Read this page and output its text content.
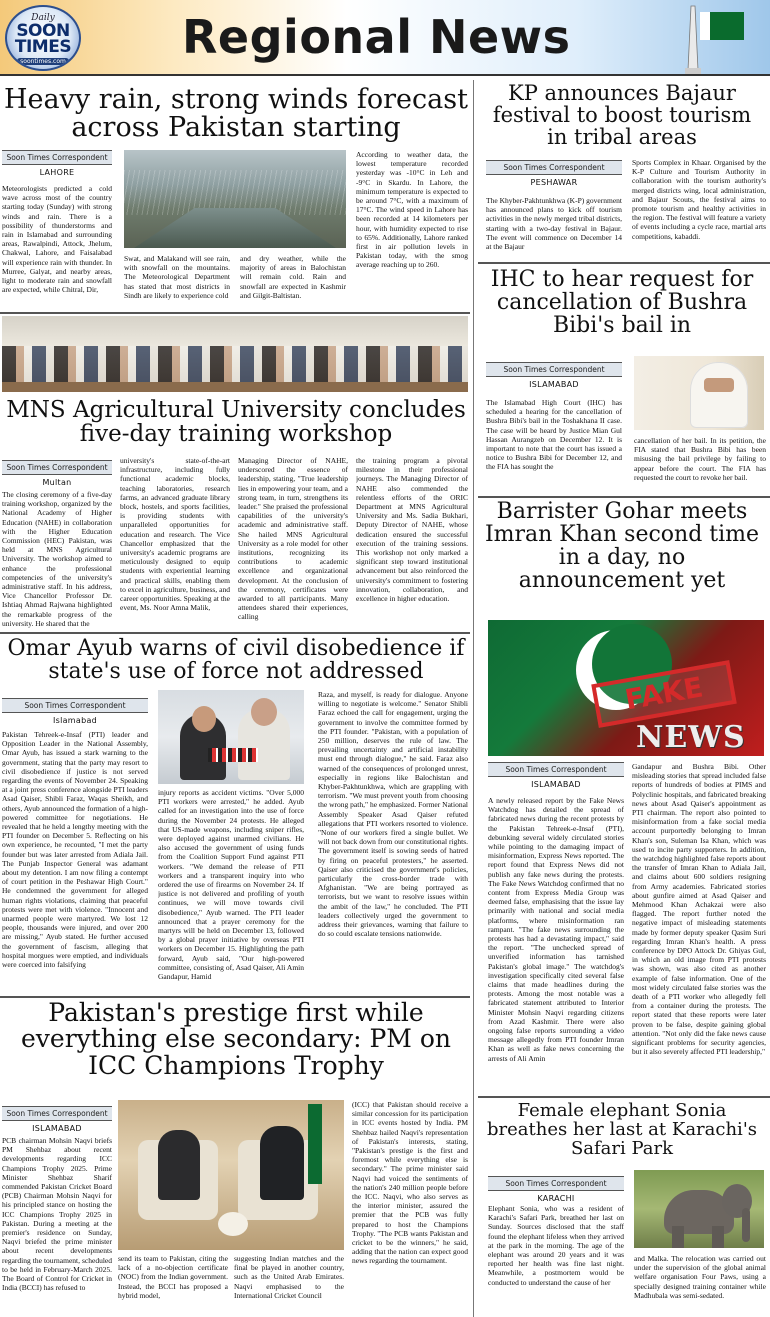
Daily
SOON
TIMES
soontimes.com	Regional News
Heavy rain, strong winds forecast across Pakistan starting
Soon Times Correspondent
LAHORE
Meteorologists predicted a cold wave across most of the country starting today (Sunday) with strong winds and rain. There is a possibility of thunderstorms and rain in Islamabad and surrounding areas, Rawalpindi, Attock, Jhelum, Chakwal, Lahore, and Faisalabad will experience rain with thunder. In Murree, Galyat, and nearby areas, light to moderate rain and snowfall are expected, while Chitral, Dir,
Swat, and Malakand will see rain, with snowfall on the mountains. The Meteorological Department has stated that most districts in Sindh are likely to experience cold
and dry weather, while the majority of areas in Balochistan will remain cold. Rain and snowfall are expected in Kashmir and Gilgit-Baltistan.
According to weather data, the lowest temperature recorded yesterday was -10°C in Leh and -9°C in Skardu. In Lahore, the minimum temperature is expected to be around 7°C, with a maximum of 17°C. The wind speed in Lahore has been recorded at 14 kilometers per hour, with humidity expected to rise to 65%. Additionally, Lahore ranked first in air pollution levels in Pakistan today, with the smog average reaching up to 260.
MNS Agricultural University concludes five-day training workshop
Soon Times Correspondent
Multan
The closing ceremony of a five-day training workshop, organized by the National Academy of Higher Education (NAHE) in collaboration with the Higher Education Commission (HEC) Pakistan, was held at MNS Agricultural University. The workshop aimed to enhance the professional competencies of the university's administrative staff. In his address, Vice Chancellor Professor Dr. Ishtiaq Ahmad Rajwana highlighted the remarkable progress of the university. He shared that the
university's state-of-the-art infrastructure, including fully functional academic blocks, teaching laboratories, research farms, an advanced graduate library block, hostels, and sports facilities, is providing students with unparalleled opportunities for education and research. The Vice Chancellor emphasized that the university's academic programs are meticulously designed to equip students with experiential learning and practical skills, enabling them to excel in agriculture, business, and career opportunities. Speaking at the event, Ms. Noor Amna Malik,
Managing Director of NAHE, underscored the essence of leadership, stating, "True leadership lies in empowering your team, and a strong team, in turn, strengthens its leader." She praised the professional capabilities of the university's academic and administrative staff. She hailed MNS Agricultural University as a role model for other institutions, recognizing its contributions to academic excellence and organizational development. At the conclusion of the ceremony, certificates were awarded to all participants. Many attendees shared their experiences, calling
the training program a pivotal milestone in their professional journeys. The Managing Director of NAHE also commended the relentless efforts of the ORIC Department at MNS Agricultural University and Ms. Sadia Bukhari, Deputy Director of NAHE, whose dedication ensured the successful execution of the training sessions. This workshop not only marked a significant step toward institutional advancement but also reinforced the university's commitment to fostering innovation, collaboration, and excellence in higher education.
Omar Ayub warns of civil disobedience if state's use of force not addressed
Soon Times Correspondent
Islamabad
Pakistan Tehreek-e-Insaf (PTI) leader and Opposition Leader in the National Assembly, Omar Ayub, has issued a stark warning to the government, stating that the party may resort to civil disobedience if justice is not served regarding the events of November 24. Speaking at a joint press conference alongside PTI leaders Asad Qaiser, Shibli Faraz, Waqas Sheikh, and others, Ayub announced the formation of a high-powered committee for negotiations. He revealed that he held a lengthy meeting with the PTI founder on December 5. Reflecting on his own experience, he recounted, "I met the party founder but was later arrested from Adiala Jail. The Punjab Inspector General was adamant about my detention. I am now filing a contempt of court petition in the Peshawar High Court." He condemned the government for alleged human rights violations, claiming that peaceful protests were met with violence. "Innocent and unarmed people were martyred. We lost 12 people, thousands were injured, and over 200 are missing," Ayub stated. He further accused the government of fascism, alleging that hospital morgues were emptied, and individuals were coerced into falsifying
injury reports as accident victims. "Over 5,000 PTI workers were arrested," he added. Ayub called for an investigation into the use of force during the November 24 protests. He alleged that US-made weapons, including sniper rifles, were deployed against unarmed civilians. He also accused the government of using funds from the Coalition Support Fund against PTI workers. "We demand the release of PTI workers and a transparent inquiry into who ordered the use of firearms on November 24. If justice is not delivered and profiling of youth continues, we will move towards civil disobedience," Ayub warned. The PTI leader announced that a prayer ceremony for the martyrs will be held on December 13, followed by a global prayer initiative by overseas PTI workers on December 15. Highlighting the path forward, Ayub said, "Our high-powered committee, consisting of, Asad Qaiser, Ali Amin Gandapur, Hamid
Raza, and myself, is ready for dialogue. Anyone willing to negotiate is welcome." Senator Shibli Faraz echoed the call for engagement, urging the government to involve the committee formed by the PTI founder. "Pakistan, with a population of 250 million, deserves the rule of law. The prevailing uncertainty and artificial instability must end through dialogue," he said. Faraz also warned of the consequences of prolonged unrest, especially in regions like Balochistan and Khyber-Pakhtunkhwa, which are grappling with terrorism. "We must prevent youth from choosing the wrong path," he emphasized. Former National Assembly Speaker Asad Qaiser refuted allegations that PTI workers resorted to violence. "None of our workers fired a single bullet. We will not back down from our constitutional rights. The government itself is sowing seeds of hatred by firing on peaceful protesters," he asserted. Qaiser also criticised the government's policies, particularly the cross-border trade with Afghanistan. "We are being portrayed as terrorists, but we want to resolve issues within the ambit of the law," he concluded. The PTI leaders collectively urged the government to address their grievances, warning that failure to do so could escalate tensions nationwide.
Pakistan's prestige first while everything else secondary: PM on ICC Champions Trophy
Soon Times Correspondent
ISLAMABAD
PCB chairman Mohsin Naqvi briefs PM Shehbaz about recent developments regarding ICC Champions Trophy 2025. Prime Minister Shehbaz Sharif commended Pakistan Cricket Board (PCB) Chairman Mohsin Naqvi for his principled stance on hosting the ICC Champions Trophy 2025 in Pakistan. During a meeting at the premier's residence on Sunday, Naqvi briefed the prime minister about recent developments regarding the tournament, scheduled to be held in February-March 2025. The Board of Control for Cricket in India (BCCI) has refused to
send its team to Pakistan, citing the lack of a no-objection certificate (NOC) from the Indian government. Instead, the BCCI has proposed a hybrid model,
suggesting Indian matches and the final be played in another country, such as the United Arab Emirates. Naqvi emphasised to the International Cricket Council
(ICC) that Pakistan should receive a similar concession for its participation in ICC events hosted by India. PM Shehbaz hailed Naqvi's representation of Pakistan's interests, stating, "Pakistan's prestige is the first and foremost while everything else is secondary." The prime minister said Naqvi had voiced the sentiments of the nation's 240 million people before the ICC. Naqvi, who also serves as the interior minister, assured the premier that the PCB was fully prepared to host the Champions Trophy. "The PCB wants Pakistan and cricket to be the winners," he said, adding that the nation can expect good news regarding the tournament.
KP announces Bajaur festival to boost tourism in tribal areas
Soon Times Correspondent
PESHAWAR
The Khyber-Pakhtunkhwa (K-P) government has announced plans to kick off tourism activities in the newly merged tribal districts, starting with a two-day festival in Bajaur. The event will commence on December 14 at the Bajaur
Sports Complex in Khaar. Organised by the K-P Culture and Tourism Authority in collaboration with the tourism authority's merged districts wing, local administration, and Bajaur Scouts, the festival aims to promote tourism and healthy activities in the region. The festival will feature a variety of events including a cycle race, martial arts competitions, kabaddi.
IHC to hear request for cancellation of Bushra Bibi's bail in
Soon Times Correspondent
ISLAMABAD
The Islamabad High Court (IHC) has scheduled a hearing for the cancellation of Bushra Bibi's bail in the Toshakhana II case. The case will be heard by Justice Mian Gul Hassan Aurangzeb on December 12. It is important to note that the court has issued a notice to Bushra Bibi for December 12, and the FIA has sought the
cancellation of her bail. In its petition, the FIA stated that Bushra Bibi has been misusing the bail privilege by failing to appear before the court. The FIA has requested the court to revoke her bail.
Barrister Gohar meets Imran Khan second time in a day, no announcement yet
FAKE
NEWS
Soon Times Correspondent
ISLAMABAD
A newly released report by the Fake News Watchdog has detailed the spread of fabricated news during the recent protests by the Pakistan Tehreek-e-Insaf (PTI), debunking several widely circulated stories while pointing to the damaging impact of misinformation, Express News reported. The report found that Express News did not publish any fake news during the protests. The Fake News Watchdog confirmed that no content from Express Media Group was deemed false, emphasising that the issue lay primarily with national and social media platforms, where misinformation ran rampant. "The fake news surrounding the protests has had a devastating impact," said the report. "The unchecked spread of unverified information has tarnished Pakistan's global image." The watchdog's investigation specifically cited several false claims that made headlines during the protests. Among the most notable was a fabricated statement attributed to Interior Minister Mohsin Naqvi regarding citizens from Azad Kashmir. There were also ongoing false reports surrounding a video message allegedly from PTI founder Imran Khan as well as fake news concerning the arrests of Ali Amin
Gandapur and Bushra Bibi. Other misleading stories that spread included false reports of hundreds of bodies at PIMS and Polyclinic hospitals, and fabricated breaking news about Asad Qaiser's appointment as PTI chairman. The report also pointed to misinformation from a fake social media account purportedly belonging to Imran Khan's son, Suleman Isa Khan, which was used to incite party supporters. In addition, the watchdog highlighted false reports about the transfer of Imran Khan to Adiala Jail, and claims about 600 soldiers resigning from Army academies. Fabricated stories about gunfire aimed at Asad Qaiser and Mehmood Khan Achakzai were also flagged. The report further noted the negative impact of misleading statements made by former deputy speaker Qasim Suri regarding Imran Khan's health. A press conference by DPO Attock Dr. Ghiyas Gul, in which an old image from PTI protests was shown, was also cited as another example of false information. One of the most widely circulated false stories was the death of a PTI worker who allegedly fell from a container during the protests. The report stated that these reports were later proven to be false, despite gaining global attention. "Not only did the fake news cause significant problems for security agencies, but it also severely affected PTI leadership,"
Female elephant Sonia breathes her last at Karachi's Safari Park
Soon Times Correspondent
KARACHI
Elephant Sonia, who was a resident of Karachi's Safari Park, breathed her last on Sunday. Sources disclosed that the staff found the elephant lifeless when they arrived at the park in the morning. The age of the elephant was around 20 years and it was reported her health was fine last night. Meanwhile, a postmortem would be conducted to understand the cause of her
and Malka. The relocation was carried out under the supervision of the global animal welfare organisation Four Paws, using a specially designed training container while Madhubala was semi-sedated.
